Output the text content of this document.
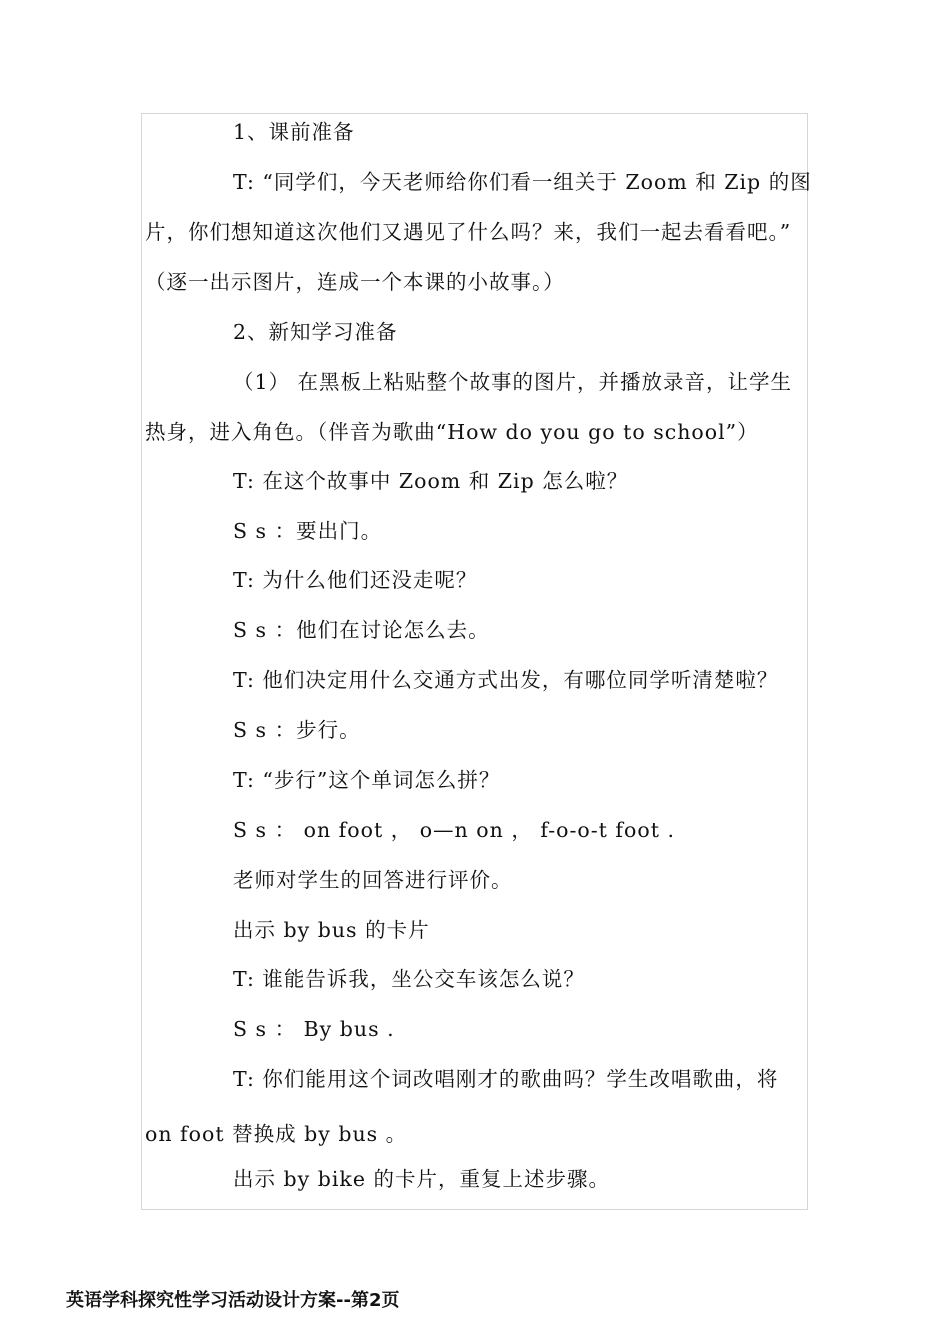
1、课前准备
T: “同学们，今天老师给你们看一组关于 Zoom 和 Zip 的图
片，你们想知道这次他们又遇见了什么吗？来，我们一起去看看吧。”
（逐一出示图片，连成一个本课的小故事。）
2、新知学习准备
（1） 在黑板上粘贴整个故事的图片，并播放录音，让学生
热身，进入角色。（伴音为歌曲“How do you go to school”）
T: 在这个故事中 Zoom 和 Zip 怎么啦？
S s ：要出门。
T: 为什么他们还没走呢？
S s ：他们在讨论怎么去。
T: 他们决定用什么交通方式出发，有哪位同学听清楚啦？
S s ：步行。
T: “步行”这个单词怎么拼？
S s ： on foot ， o—n on ， f-o-o-t foot .
老师对学生的回答进行评价。
出示 by bus 的卡片
T: 谁能告诉我，坐公交车该怎么说？
S s ： By bus .
T: 你们能用这个词改唱刚才的歌曲吗？学生改唱歌曲，将
on foot 替换成 by bus 。
出示 by bike 的卡片，重复上述步骤。
英语学科探究性学习活动设计方案--第2页
